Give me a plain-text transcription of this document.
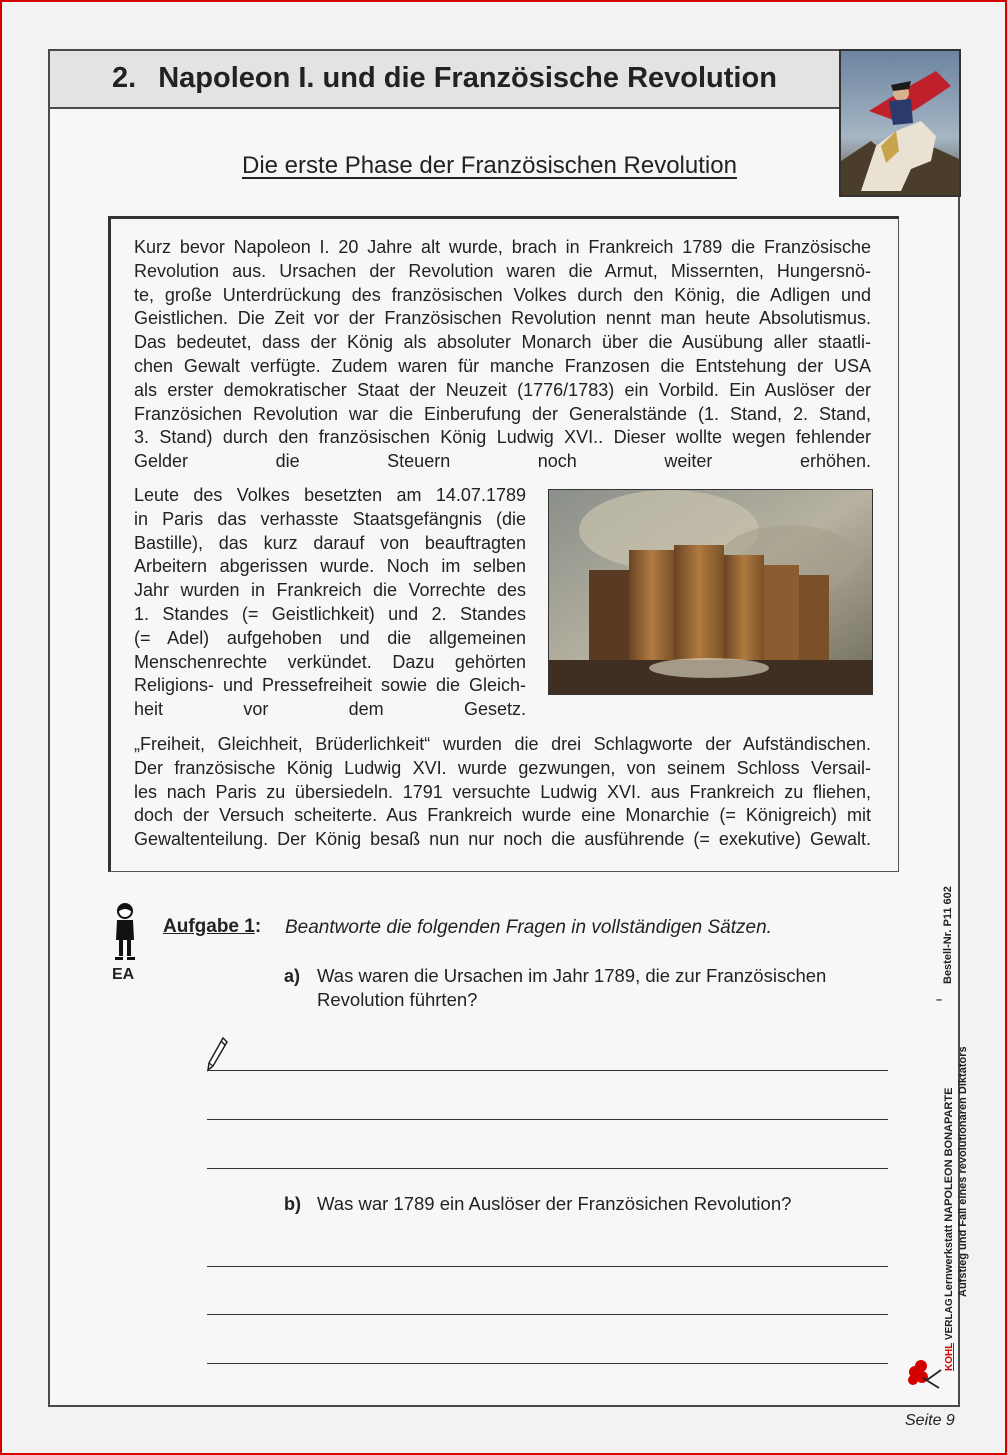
2. Napoleon I. und die Französische Revolution
Die erste Phase der Französischen Revolution
Kurz bevor Napoleon I. 20 Jahre alt wurde, brach in Frankreich 1789 die Französische
Revolution aus. Ursachen der Revolution waren die Armut, Missernten, Hungersnö-
te, große Unterdrückung des französischen Volkes durch den König, die Adligen und
Geistlichen. Die Zeit vor der Französischen Revolution nennt man heute Absolutismus.
Das bedeutet, dass der König als absoluter Monarch über die Ausübung aller staatli-
chen Gewalt verfügte. Zudem waren für manche Franzosen die Entstehung der USA
als erster demokratischer Staat der Neuzeit (1776/1783) ein Vorbild. Ein Auslöser der
Französichen Revolution war die Einberufung der Generalstände (1. Stand, 2. Stand,
3. Stand) durch den französischen König Ludwig XVI.. Dieser wollte wegen fehlender
Gelder die Steuern noch weiter erhöhen.
Leute des Volkes besetzten am 14.07.1789
in Paris das verhasste Staatsgefängnis (die
Bastille), das kurz darauf von beauftragten
Arbeitern abgerissen wurde. Noch im selben
Jahr wurden in Frankreich die Vorrechte des
1. Standes (= Geistlichkeit) und 2. Standes
(= Adel) aufgehoben und die allgemeinen
Menschenrechte verkündet. Dazu gehörten
Religions- und Pressefreiheit sowie die Gleich-
heit vor dem Gesetz.
„Freiheit, Gleichheit, Brüderlichkeit“ wurden die drei Schlagworte der Aufständischen.
Der französische König Ludwig XVI. wurde gezwungen, von seinem Schloss Versail-
les nach Paris zu übersiedeln. 1791 versuchte Ludwig XVI. aus Frankreich zu fliehen,
doch der Versuch scheiterte. Aus Frankreich wurde eine Monarchie (= Königreich) mit
Gewaltenteilung. Der König besaß nun nur noch die ausführende (= exekutive) Gewalt.
EA
Aufgabe 1: Beantworte die folgenden Fragen in vollständigen Sätzen.
a) Was waren die Ursachen im Jahr 1789, die zur Französischen
Revolution führten?
b) Was war 1789 ein Auslöser der Französichen Revolution?	Lernwerkstatt NAPOLEON BONAPARTE Aufstieg und Fall eines revolutionären Diktators
–
Bestell-Nr. P11 602
KOHL VERLAG
Seite 9
